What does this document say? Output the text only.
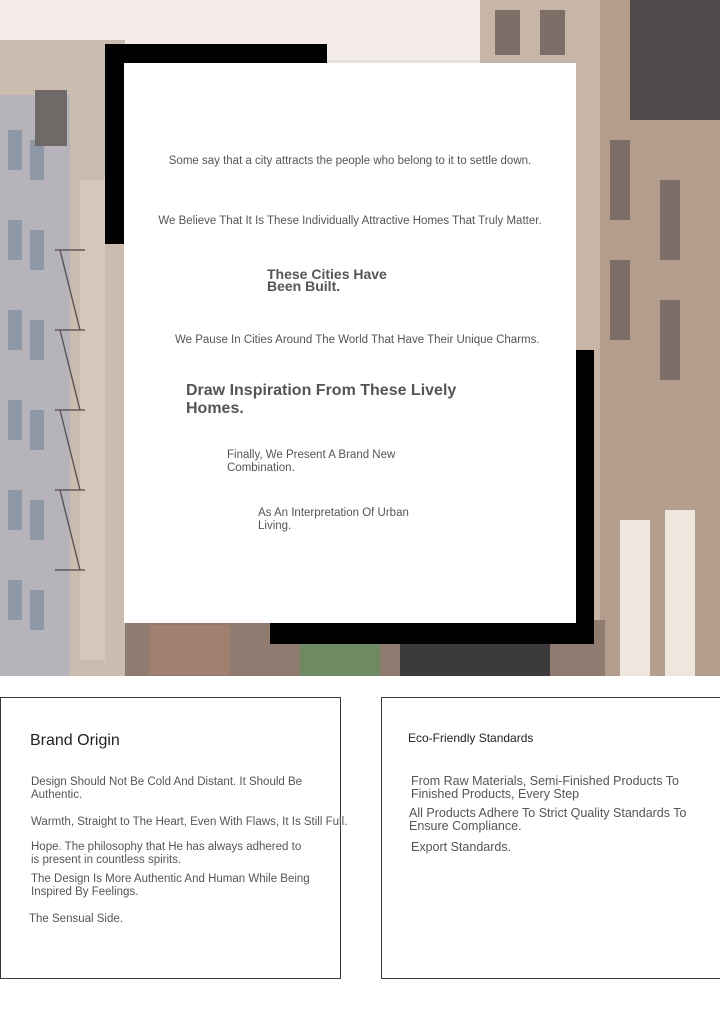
Some say that a city attracts the people who belong to it to settle down.

We Believe That It Is These Individually Attractive Homes That Truly Matter.

These Cities Have Been Built.

We Pause In Cities Around The World That Have Their Unique Charms.

Draw Inspiration From These Lively Homes.

Finally, We Present A Brand New Combination.

As An Interpretation Of Urban Living.

Brand Origin

Design Should Not Be Cold And Distant. It Should Be Authentic.

Warmth, Straight to The Heart, Even With Flaws, It Is Still Full.

Hope. The philosophy that He has always adhered to is present in countless spirits.

The Design Is More Authentic And Human While Being Inspired By Feelings.

The Sensual Side.

Eco-Friendly Standards

From Raw Materials, Semi-Finished Products To Finished Products, Every Step

All Products Adhere To Strict Quality Standards To Ensure Compliance.

Export Standards.
